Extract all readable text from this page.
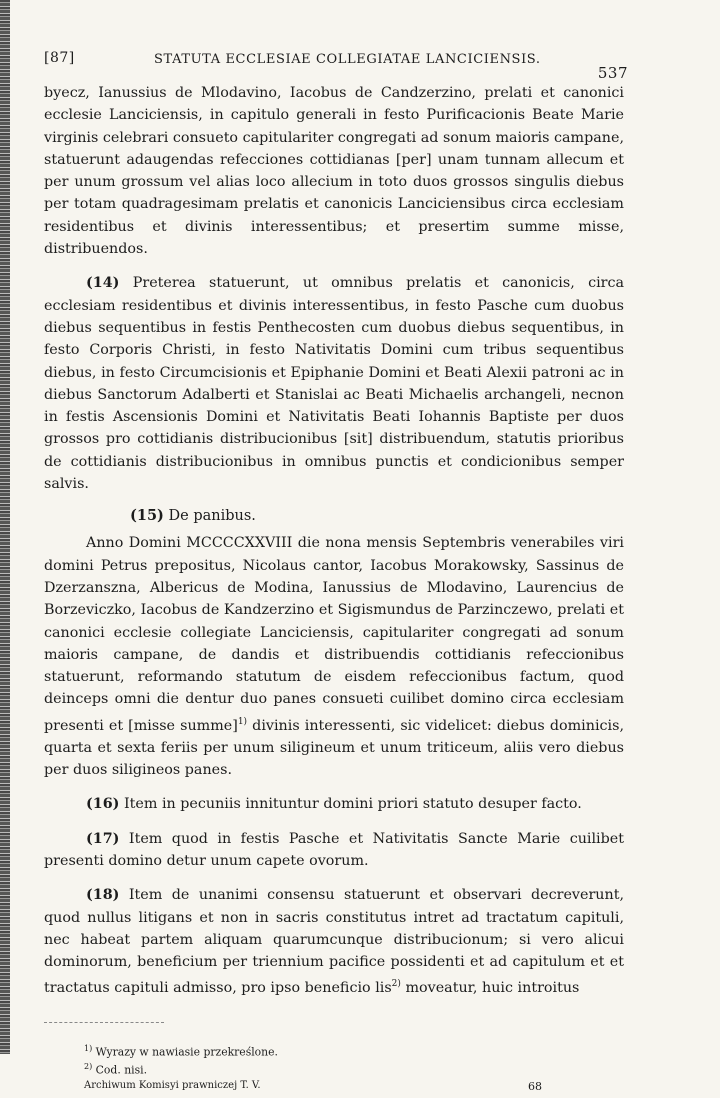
[87]	STATUTA ECCLESIAE COLLEGIATAE LANCICIENSIS.
537

byecz, Ianussius de Mlodavino, Iacobus de Candzerzino, prelati et canonici ecclesie Lanciciensis, in capitulo generali in festo Purificacionis Beate Marie virginis celebrari consueto capitulariter congregati ad sonum maioris campane, statuerunt adaugendas refecciones cottidianas [per] unam tunnam allecum et per unum grossum vel alias loco allecium in toto duos grossos singulis diebus per totam quadragesimam prelatis et canonicis Lanciciensibus circa ecclesiam residentibus et divinis interessentibus; et presertim summe misse, distribuendos.

(14) Preterea statuerunt, ut omnibus prelatis et canonicis, circa ecclesiam residentibus et divinis interessentibus, in festo Pasche cum duobus diebus sequentibus in festis Penthecosten cum duobus diebus sequentibus, in festo Corporis Christi, in festo Nativitatis Domini cum tribus sequentibus diebus, in festo Circumcisionis et Epiphanie Domini et Beati Alexii patroni ac in diebus Sanctorum Adalberti et Stanislai ac Beati Michaelis archangeli, necnon in festis Ascensionis Domini et Nativitatis Beati Iohannis Baptiste per duos grossos pro cottidianis distribucionibus [sit] distribuendum, statutis prioribus de cottidianis distribucionibus in omnibus punctis et condicionibus semper salvis.

(15) De panibus.

Anno Domini MCCCCXXVIII die nona mensis Septembris venerabiles viri domini Petrus prepositus, Nicolaus cantor, Iacobus Morakowsky, Sassinus de Dzerzanszna, Albericus de Modina, Ianussius de Mlodavino, Laurencius de Borzeviczko, Iacobus de Kandzerzino et Sigismundus de Parzinczewo, prelati et canonici ecclesie collegiate Lanciciensis, capitulariter congregati ad sonum maioris campane, de dandis et distribuendis cottidianis refeccionibus statuerunt, reformando statutum de eisdem refeccionibus factum, quod deinceps omni die dentur duo panes consueti cuilibet domino circa ecclesiam presenti et [misse summe]$^{1)}$ divinis interessenti, sic videlicet: diebus dominicis, quarta et sexta feriis per unum siligineum et unum triticeum, aliis vero diebus per duos siligineos panes.

(16) Item in pecuniis innituntur domini priori statuto desuper facto.

(17) Item quod in festis Pasche et Nativitatis Sancte Marie cuilibet presenti domino detur unum capete ovorum.

(18) Item de unanimi consensu statuerunt et observari decreverunt, quod nullus litigans et non in sacris constitutus intret ad tractatum capituli, nec habeat partem aliquam quarumcunque distribucionum; si vero alicui dominorum, beneficium per triennium pacifice possidenti et ad capitulum et et tractatus capituli admisso, pro ipso beneficio lis$^{2)}$ moveatur, huic introitus

$^{1)}$ Wyrazy w nawiasie przekreślone.

$^{2)}$ Cod. nisi.

Archiwum Komisyi prawniczej T. V.	68
